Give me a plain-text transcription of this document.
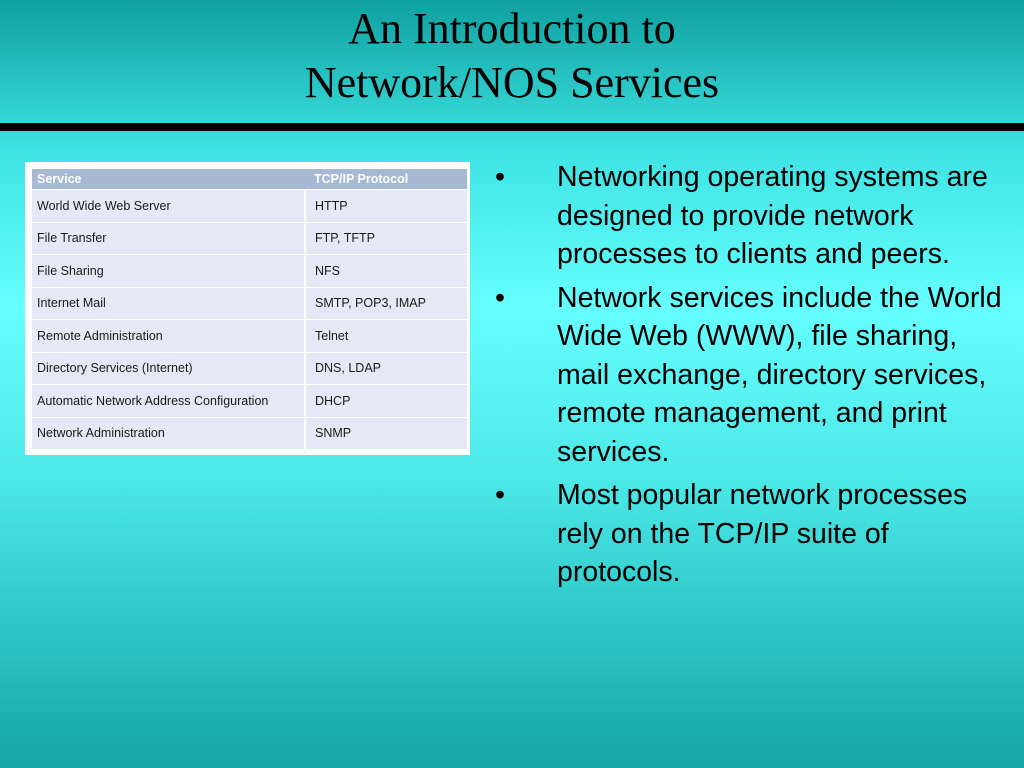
An Introduction to
Network/NOS Services
Service	TCP/IP Protocol
World Wide Web Server	HTTP
File Transfer	FTP, TFTP
File Sharing	NFS
Internet Mail	SMTP, POP3, IMAP
Remote Administration	Telnet
Directory Services (Internet)	DNS, LDAP
Automatic Network Address Configuration	DHCP
Network Administration	SNMP
• Networking operating systems are designed to provide network processes to clients and peers.
• Network services include the World Wide Web (WWW), file sharing, mail exchange, directory services, remote management, and print services.
• Most popular network processes rely on the TCP/IP suite of protocols.
